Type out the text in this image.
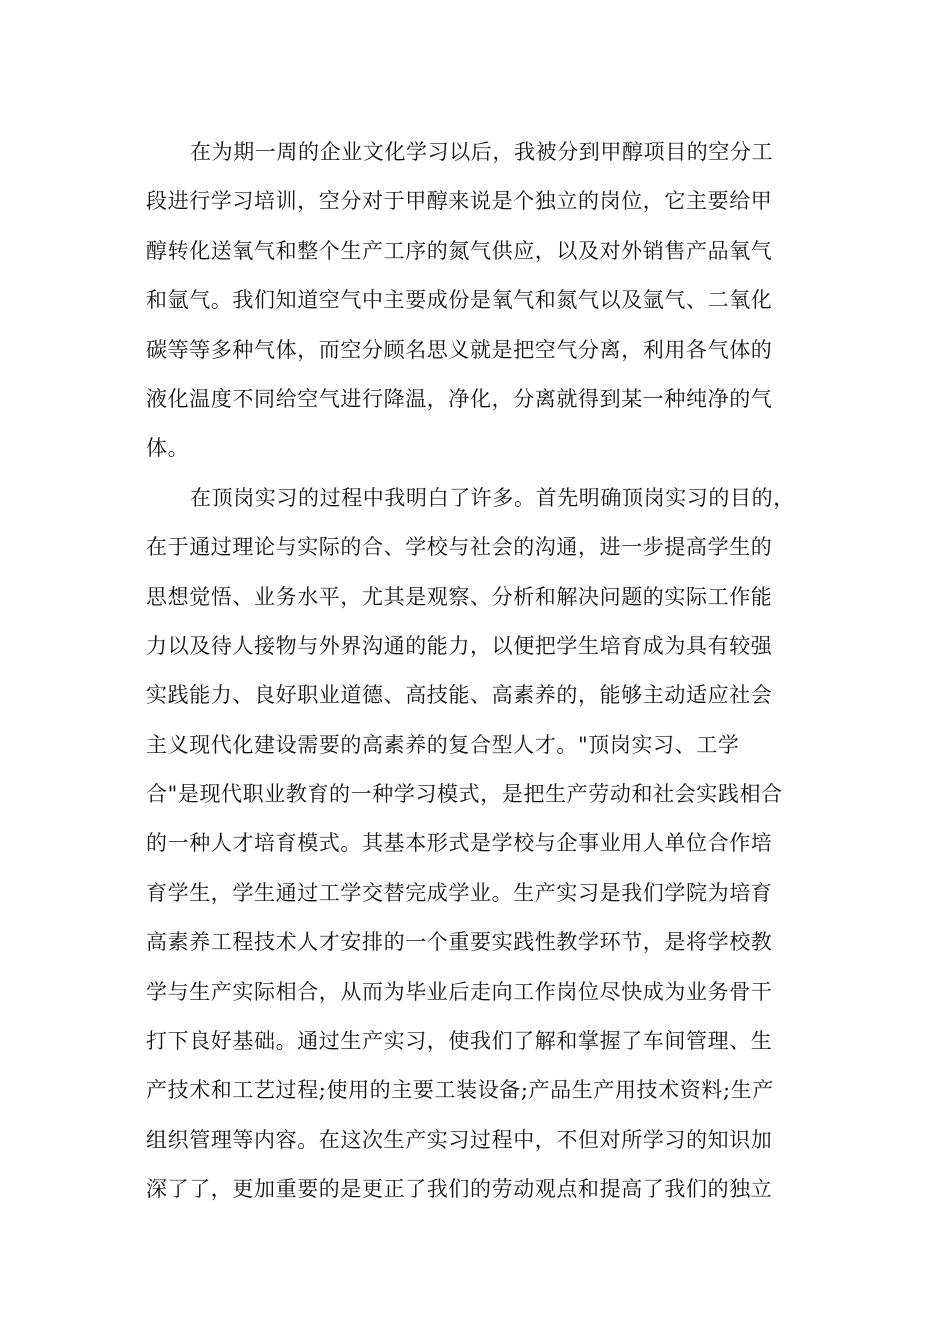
在为期一周的企业文化学习以后，我被分到甲醇项目的空分工
段进行学习培训，空分对于甲醇来说是个独立的岗位，它主要给甲
醇转化送氧气和整个生产工序的氮气供应，以及对外销售产品氧气
和氩气。我们知道空气中主要成份是氧气和氮气以及氩气、二氧化
碳等等多种气体，而空分顾名思义就是把空气分离，利用各气体的
液化温度不同给空气进行降温，净化，分离就得到某一种纯净的气
体。
在顶岗实习的过程中我明白了许多。首先明确顶岗实习的目的，
在于通过理论与实际的合、学校与社会的沟通，进一步提高学生的
思想觉悟、业务水平，尤其是观察、分析和解决问题的实际工作能
力以及待人接物与外界沟通的能力，以便把学生培育成为具有较强
实践能力、良好职业道德、高技能、高素养的，能够主动适应社会
主义现代化建设需要的高素养的复合型人才。"顶岗实习、工学
合"是现代职业教育的一种学习模式，是把生产劳动和社会实践相合
的一种人才培育模式。其基本形式是学校与企事业用人单位合作培
育学生，学生通过工学交替完成学业。生产实习是我们学院为培育
高素养工程技术人才安排的一个重要实践性教学环节，是将学校教
学与生产实际相合，从而为毕业后走向工作岗位尽快成为业务骨干
打下良好基础。通过生产实习，使我们了解和掌握了车间管理、生
产技术和工艺过程;使用的主要工装设备;产品生产用技术资料;生产
组织管理等内容。在这次生产实习过程中，不但对所学习的知识加
深了了，更加重要的是更正了我们的劳动观点和提高了我们的独立
